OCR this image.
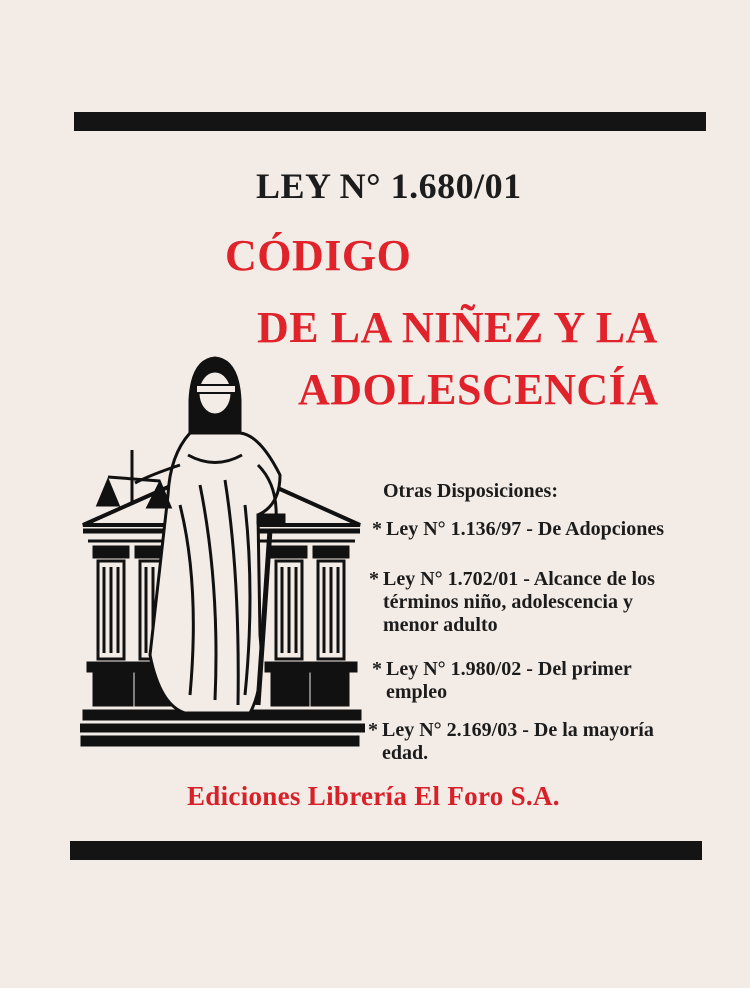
LEY N° 1.680/01
CÓDIGO
DE LA NIÑEZ Y LA
ADOLESCENCÍA
Otras Disposiciones:
* Ley N° 1.136/97 - De Adopciones
* Ley N° 1.702/01 - Alcance de los
términos niño, adolescencia y
menor adulto
* Ley N° 1.980/02 - Del primer
empleo
* Ley N° 2.169/03 - De la mayoría
edad.
Ediciones Librería El Foro S.A.
